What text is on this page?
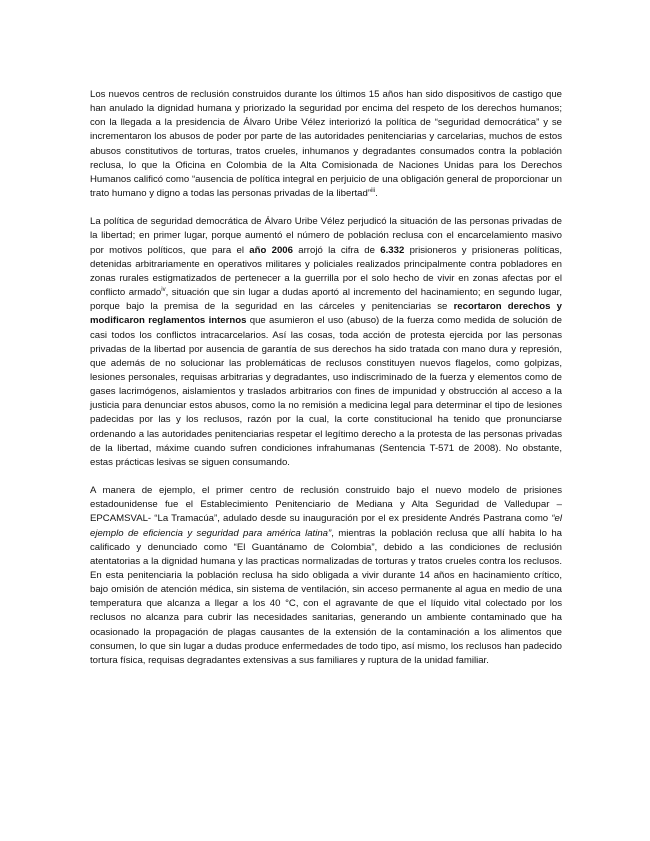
Los nuevos centros de reclusión construidos durante los últimos 15 años han sido dispositivos de castigo que han anulado la dignidad humana y priorizado la seguridad por encima del respeto de los derechos humanos; con la llegada a la presidencia de Álvaro Uribe Vélez interiorizó la política de “seguridad democrática” y se incrementaron los abusos de poder por parte de las autoridades penitenciarias y carcelarias, muchos de estos abusos constitutivos de torturas, tratos crueles, inhumanos y degradantes consumados contra la población reclusa, lo que la Oficina en Colombia de la Alta Comisionada de Naciones Unidas para los Derechos Humanos calificó como “ausencia de política integral en perjuicio de una obligación general de proporcionar un trato humano y digno a todas las personas privadas de la libertad”$^{iii}$.

La política de seguridad democrática de Álvaro Uribe Vélez perjudicó la situación de las personas privadas de la libertad; en primer lugar, porque aumentó el número de población reclusa con el encarcelamiento masivo por motivos políticos, que para el año 2006 arrojó la cifra de 6.332 prisioneros y prisioneras políticas, detenidas arbitrariamente en operativos militares y policiales realizados principalmente contra pobladores en zonas rurales estigmatizados de pertenecer a la guerrilla por el solo hecho de vivir en zonas afectas por el conflicto armado$^{iv}$, situación que sin lugar a dudas aportó al incremento del hacinamiento; en segundo lugar, porque bajo la premisa de la seguridad en las cárceles y penitenciarias se recortaron derechos y modificaron reglamentos internos que asumieron el uso (abuso) de la fuerza como medida de solución de casi todos los conflictos intracarcelarios. Así las cosas, toda acción de protesta ejercida por las personas privadas de la libertad por ausencia de garantía de sus derechos ha sido tratada con mano dura y represión, que además de no solucionar las problemáticas de reclusos constituyen nuevos flagelos, como golpizas, lesiones personales, requisas arbitrarias y degradantes, uso indiscriminado de la fuerza y elementos como de gases lacrimógenos, aislamientos y traslados arbitrarios con fines de impunidad y obstrucción al acceso a la justicia para denunciar estos abusos, como la no remisión a medicina legal para determinar el tipo de lesiones padecidas por las y los reclusos, razón por la cual, la corte constitucional ha tenido que pronunciarse ordenando a las autoridades penitenciarias respetar el legítimo derecho a la protesta de las personas privadas de la libertad, máxime cuando sufren condiciones infrahumanas (Sentencia T-571 de 2008). No obstante, estas prácticas lesivas se siguen consumando.

A manera de ejemplo, el primer centro de reclusión construido bajo el nuevo modelo de prisiones estadounidense fue el Establecimiento Penitenciario de Mediana y Alta Seguridad de Valledupar – EPCAMSVAL- “La Tramacúa”, adulado desde su inauguración por el ex presidente Andrés Pastrana como “el ejemplo de eficiencia y seguridad para américa latina”, mientras la población reclusa que allí habita lo ha calificado y denunciado como “El Guantánamo de Colombia”, debido a las condiciones de reclusión atentatorias a la dignidad humana y las practicas normalizadas de torturas y tratos crueles contra los reclusos. En esta penitenciaria la población reclusa ha sido obligada a vivir durante 14 años en hacinamiento crítico, bajo omisión de atención médica, sin sistema de ventilación, sin acceso permanente al agua en medio de una temperatura que alcanza a llegar a los 40 °C, con el agravante de que el líquido vital colectado por los reclusos no alcanza para cubrir las necesidades sanitarias, generando un ambiente contaminado que ha ocasionado la propagación de plagas causantes de la extensión de la contaminación a los alimentos que consumen, lo que sin lugar a dudas produce enfermedades de todo tipo, así mismo, los reclusos han padecido tortura física, requisas degradantes extensivas a sus familiares y ruptura de la unidad familiar.
